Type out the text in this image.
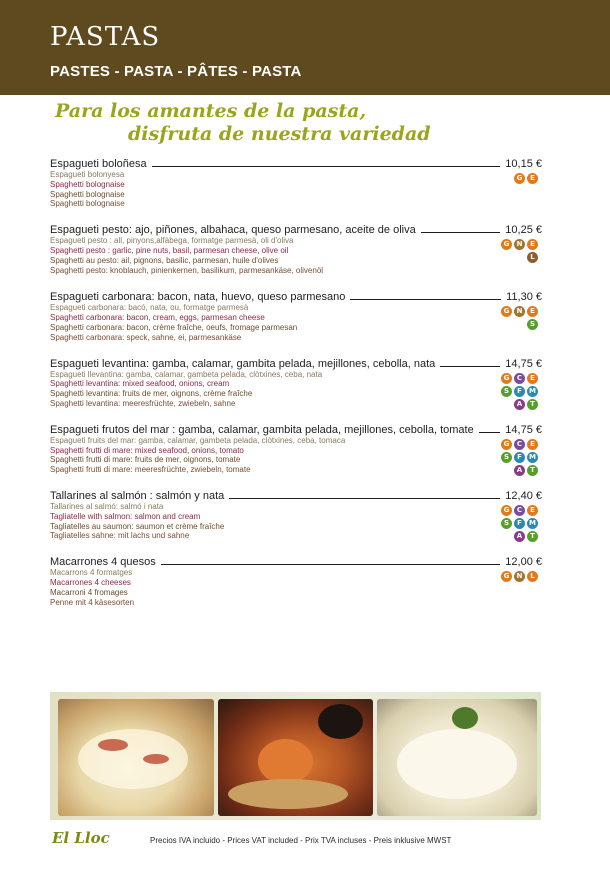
PASTAS
PASTES - PASTA - PÂTES - PASTA
Para los amantes de la pasta,
disfruta de nuestra variedad
Espagueti boloñesa	10,15 €
Espagueti bolonyesa
Spaghetti bolognaise
Spaghetti bolognaise
Spaghetti bolognaise
G	E
Espagueti pesto: ajo, piñones, albahaca, queso parmesano, aceite de oliva	10,25 €
Espagueti pesto : all, pinyons,alfàbega, formatge parmesà, oli d'oliva
Spaghetti pesto : garlic, pine nuts, basil, parmesan cheese, olive oil
Spaghetti au pesto: ail, pignons, basilic, parmesan, huile d'olives
Spaghetti pesto: knoblauch, pinienkernen, basilikum, parmesankäse, olivenöl
G	N	E
L
Espagueti carbonara: bacon, nata, huevo, queso parmesano	11,30 €
Espagueti carbonara: bacó, nata, ou, formatge parmesà
Spaghetti carbonara: bacon, cream, eggs, parmesan cheese
Spaghetti carbonara: bacon, crème fraîche, oeufs, fromage parmesan
Spaghetti carbonara: speck, sahne, ei, parmesankäse
G	N	E
S
Espagueti levantina: gamba, calamar, gambita pelada, mejillones, cebolla, nata	14,75 €
Espagueti llevantina: gamba, calamar, gambeta pelada, clòtxines, ceba, nata
Spaghetti levantina: mixed seafood, onions, cream
Spaghetti levantina: fruits de mer, oignons, crème fraîche
Spaghetti levantina: meeresfrüchte, zwiebeln, sahne
G	C	E
S	F	M
A	T
Espagueti frutos del mar : gamba, calamar, gambita pelada, mejillones, cebolla, tomate	14,75 €
Espagueti fruits del mar: gamba, calamar, gambeta pelada, clòtxines, ceba, tomaca
Spaghetti frutti di mare: mixed seafood, onions, tomato
Spaghetti frutti di mare: fruits de mer, oignons, tomate
Spaghetti frutti di mare: meeresfrüchte, zwiebeln, tomate
G	C	E
S	F	M
A	T
Tallarines al salmón : salmón y nata	12,40 €
Tallarines al salmó: salmó i nata
Tagliatelle with salmon: salmon and cream
Tagliatelles au saumon: saumon et crème fraîche
Tagliatelles sahne: mit lachs und sahne
G	C	E
S	F	M
A	T
Macarrones 4 quesos	12,00 €
Macarrons 4 formatges
Macarrones 4 cheeses
Macarroni 4 fromages
Penne mit 4 käsesorten
G	N	L
El Lloc	Precios IVA incluido - Prices VAT included - Prix TVA incluses - Preis inklusive MWST
